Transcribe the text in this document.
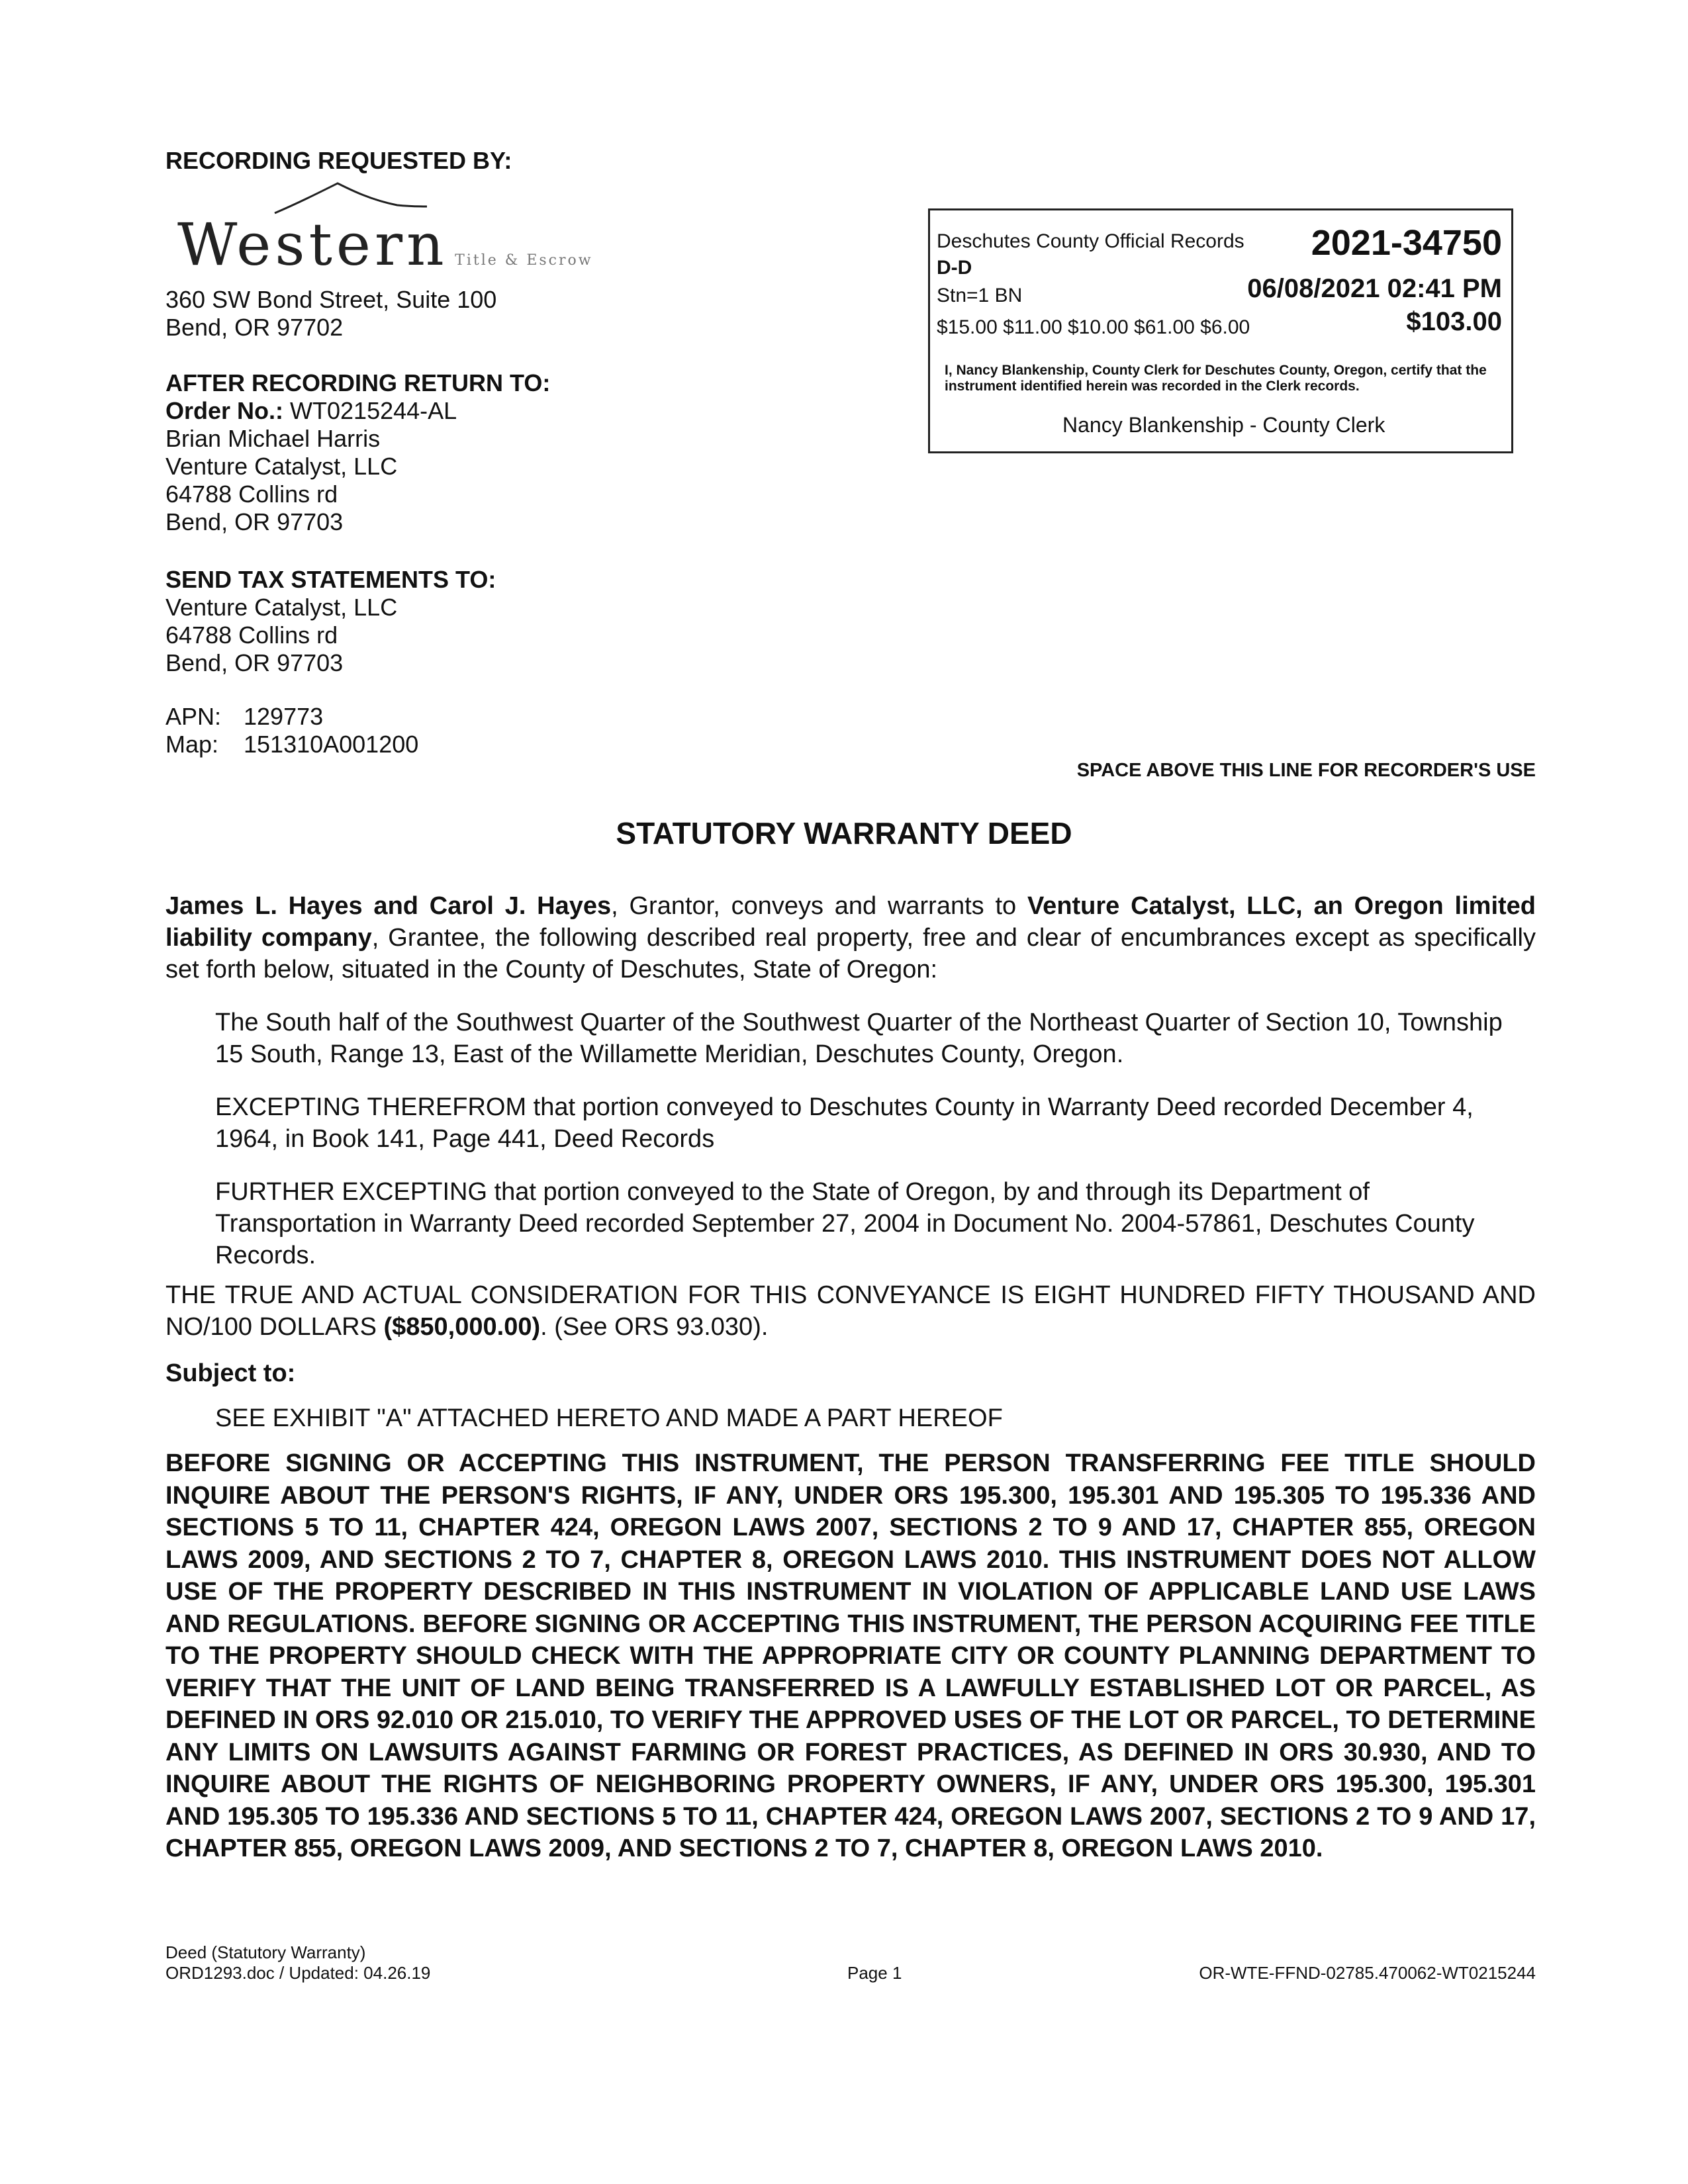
RECORDING REQUESTED BY:
Western Title & Escrow
360 SW Bond Street, Suite 100
Bend, OR 97702
AFTER RECORDING RETURN TO:
Order No.: WT0215244-AL
Brian Michael Harris
Venture Catalyst, LLC
64788 Collins rd
Bend, OR 97703
SEND TAX STATEMENTS TO:
Venture Catalyst, LLC
64788 Collins rd
Bend, OR 97703
APN: 129773
Map: 151310A001200
Deschutes County Official Records 2021-34750
D-D
Stn=1 BN	06/08/2021 02:41 PM
$15.00 $11.00 $10.00 $61.00 $6.00	$103.00
I, Nancy Blankenship, County Clerk for Deschutes County, Oregon, certify that the instrument identified herein was recorded in the Clerk records.
Nancy Blankenship - County Clerk
SPACE ABOVE THIS LINE FOR RECORDER'S USE
STATUTORY WARRANTY DEED

James L. Hayes and Carol J. Hayes, Grantor, conveys and warrants to Venture Catalyst, LLC, an Oregon limited liability company, Grantee, the following described real property, free and clear of encumbrances except as specifically set forth below, situated in the County of Deschutes, State of Oregon:

The South half of the Southwest Quarter of the Southwest Quarter of the Northeast Quarter of Section 10, Township 15 South, Range 13, East of the Willamette Meridian, Deschutes County, Oregon.

EXCEPTING THEREFROM that portion conveyed to Deschutes County in Warranty Deed recorded December 4, 1964, in Book 141, Page 441, Deed Records

FURTHER EXCEPTING that portion conveyed to the State of Oregon, by and through its Department of Transportation in Warranty Deed recorded September 27, 2004 in Document No. 2004-57861, Deschutes County Records.

THE TRUE AND ACTUAL CONSIDERATION FOR THIS CONVEYANCE IS EIGHT HUNDRED FIFTY THOUSAND AND NO/100 DOLLARS ($850,000.00). (See ORS 93.030).

Subject to:

SEE EXHIBIT "A" ATTACHED HERETO AND MADE A PART HEREOF

BEFORE SIGNING OR ACCEPTING THIS INSTRUMENT, THE PERSON TRANSFERRING FEE TITLE SHOULD INQUIRE ABOUT THE PERSON'S RIGHTS, IF ANY, UNDER ORS 195.300, 195.301 AND 195.305 TO 195.336 AND SECTIONS 5 TO 11, CHAPTER 424, OREGON LAWS 2007, SECTIONS 2 TO 9 AND 17, CHAPTER 855, OREGON LAWS 2009, AND SECTIONS 2 TO 7, CHAPTER 8, OREGON LAWS 2010. THIS INSTRUMENT DOES NOT ALLOW USE OF THE PROPERTY DESCRIBED IN THIS INSTRUMENT IN VIOLATION OF APPLICABLE LAND USE LAWS AND REGULATIONS. BEFORE SIGNING OR ACCEPTING THIS INSTRUMENT, THE PERSON ACQUIRING FEE TITLE TO THE PROPERTY SHOULD CHECK WITH THE APPROPRIATE CITY OR COUNTY PLANNING DEPARTMENT TO VERIFY THAT THE UNIT OF LAND BEING TRANSFERRED IS A LAWFULLY ESTABLISHED LOT OR PARCEL, AS DEFINED IN ORS 92.010 OR 215.010, TO VERIFY THE APPROVED USES OF THE LOT OR PARCEL, TO DETERMINE ANY LIMITS ON LAWSUITS AGAINST FARMING OR FOREST PRACTICES, AS DEFINED IN ORS 30.930, AND TO INQUIRE ABOUT THE RIGHTS OF NEIGHBORING PROPERTY OWNERS, IF ANY, UNDER ORS 195.300, 195.301 AND 195.305 TO 195.336 AND SECTIONS 5 TO 11, CHAPTER 424, OREGON LAWS 2007, SECTIONS 2 TO 9 AND 17, CHAPTER 855, OREGON LAWS 2009, AND SECTIONS 2 TO 7, CHAPTER 8, OREGON LAWS 2010.

Deed (Statutory Warranty)
ORD1293.doc / Updated: 04.26.19	Page 1	OR-WTE-FFND-02785.470062-WT0215244
